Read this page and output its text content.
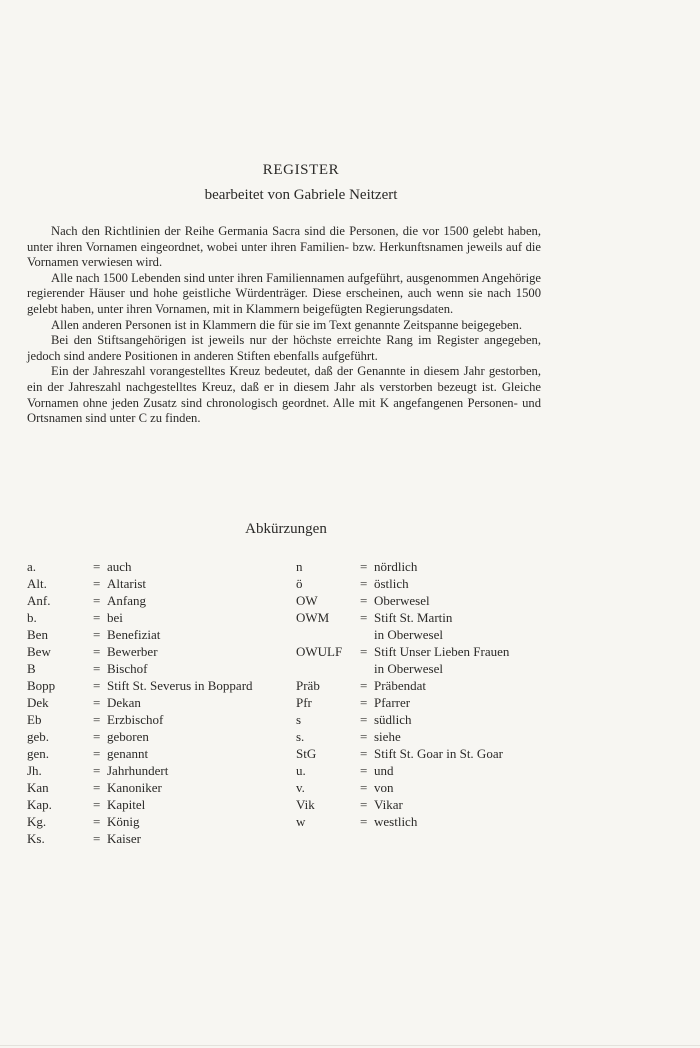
REGISTER
bearbeitet von Gabriele Neitzert

Nach den Richtlinien der Reihe Germania Sacra sind die Personen, die vor 1500 gelebt haben, unter ihren Vornamen eingeordnet, wobei unter ihren Familien- bzw. Herkunftsnamen jeweils auf die Vornamen verwiesen wird.

Alle nach 1500 Lebenden sind unter ihren Familiennamen aufgeführt, ausgenommen Angehörige regierender Häuser und hohe geistliche Würdenträger. Diese erscheinen, auch wenn sie nach 1500 gelebt haben, unter ihren Vornamen, mit in Klammern beigefügten Regierungsdaten.

Allen anderen Personen ist in Klammern die für sie im Text genannte Zeitspanne beigegeben.

Bei den Stiftsangehörigen ist jeweils nur der höchste erreichte Rang im Register angegeben, jedoch sind andere Positionen in anderen Stiften ebenfalls aufgeführt.

Ein der Jahreszahl vorangestelltes Kreuz bedeutet, daß der Genannte in diesem Jahr gestorben, ein der Jahreszahl nachgestelltes Kreuz, daß er in diesem Jahr als verstorben bezeugt ist. Gleiche Vornamen ohne jeden Zusatz sind chronologisch geordnet. Alle mit K angefangenen Personen- und Ortsnamen sind unter C zu finden.

Abkürzungen
a.	= auch
Alt.	= Altarist
Anf.	= Anfang
b.	= bei
Ben	= Benefiziat
Bew	= Bewerber
B	= Bischof
Bopp	= Stift St. Severus in Boppard
Dek	= Dekan
Eb	= Erzbischof
geb.	= geboren
gen.	= genannt
Jh.	= Jahrhundert
Kan	= Kanoniker
Kap.	= Kapitel
Kg.	= König
Ks.	= Kaiser
n	= nördlich
ö	= östlich
OW	= Oberwesel
OWM	= Stift St. Martin
in Oberwesel
OWULF	= Stift Unser Lieben Frauen
in Oberwesel
Präb	= Präbendat
Pfr	= Pfarrer
s	= südlich
s.	= siehe
StG	= Stift St. Goar in St. Goar
u.	= und
v.	= von
Vik	= Vikar
w	= westlich
